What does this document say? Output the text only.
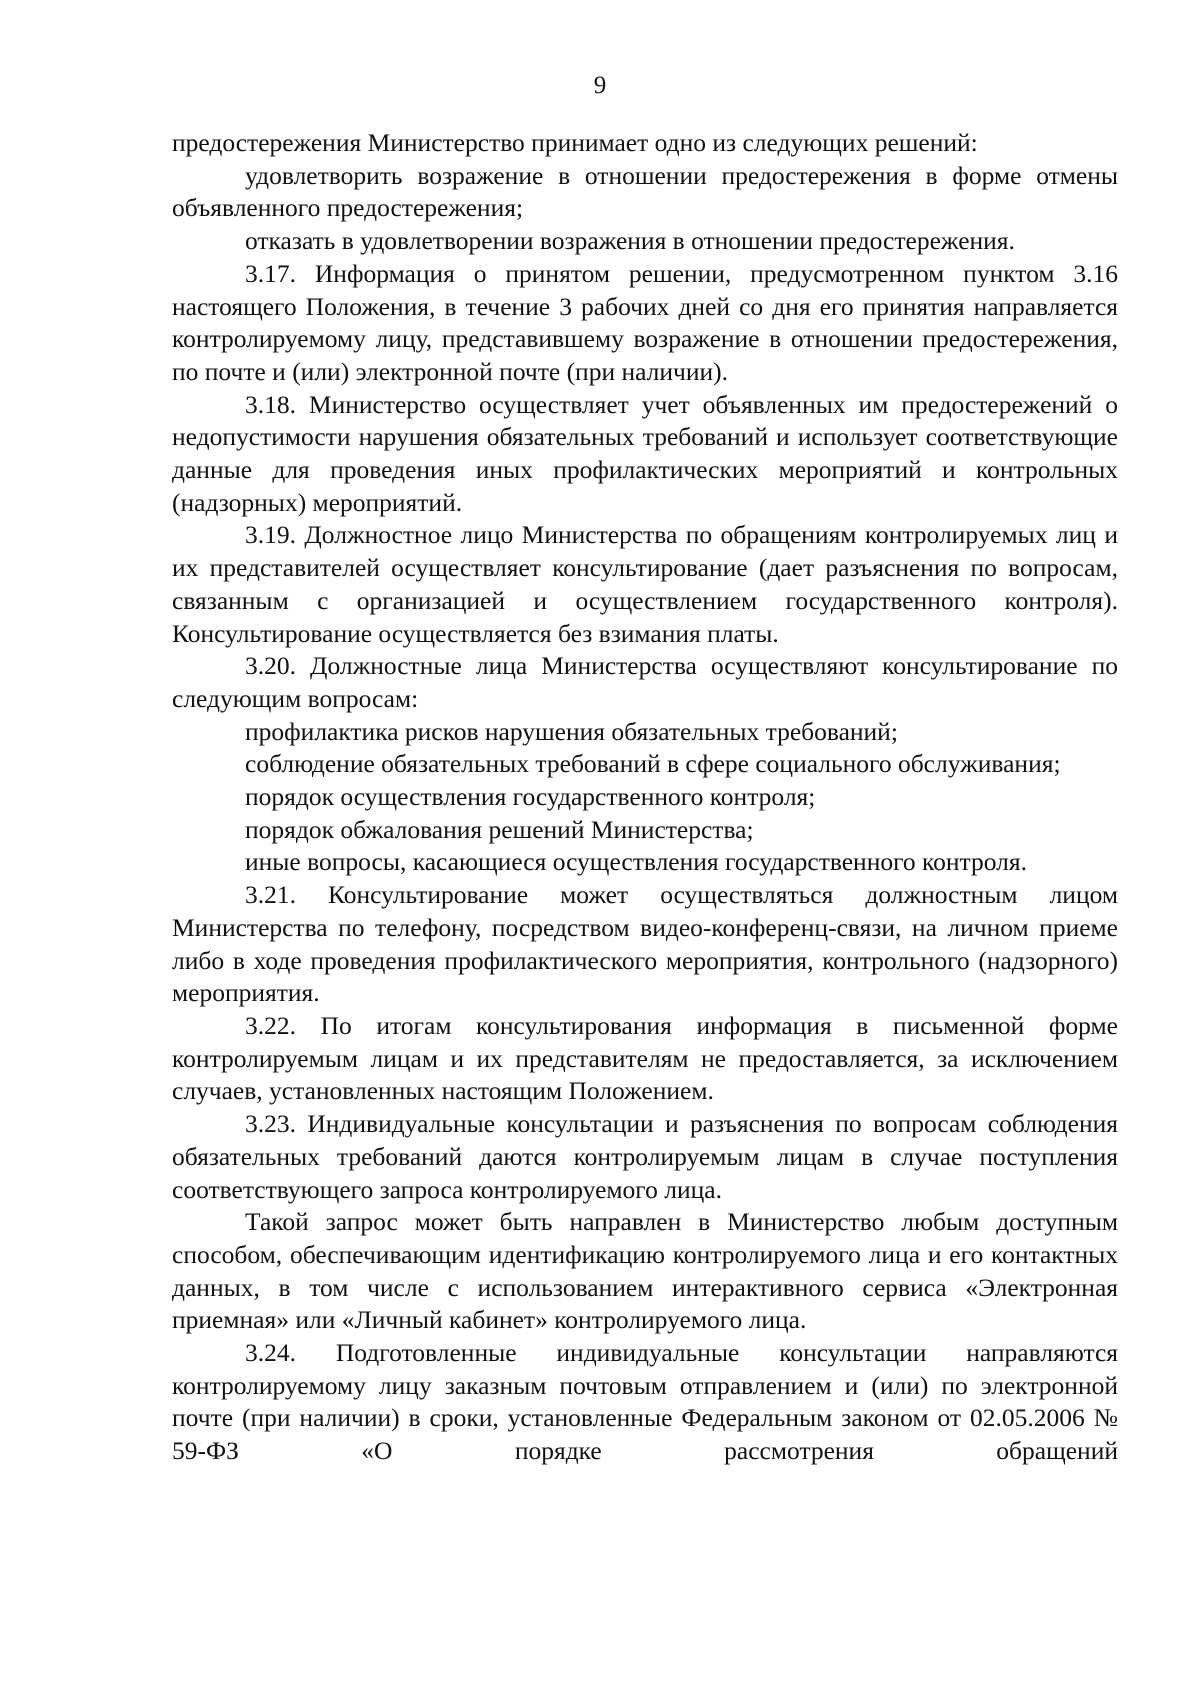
9

предостережения Министерство принимает одно из следующих решений:

удовлетворить возражение в отношении предостережения в форме отмены объявленного предостережения;

отказать в удовлетворении возражения в отношении предостережения.

3.17. Информация о принятом решении, предусмотренном пунктом 3.16 настоящего Положения, в течение 3 рабочих дней со дня его принятия направляется контролируемому лицу, представившему возражение в отношении предостережения, по почте и (или) электронной почте (при наличии).

3.18. Министерство осуществляет учет объявленных им предостережений о недопустимости нарушения обязательных требований и использует соответствующие данные для проведения иных профилактических мероприятий и контрольных (надзорных) мероприятий.

3.19. Должностное лицо Министерства по обращениям контролируемых лиц и их представителей осуществляет консультирование (дает разъяснения по вопросам, связанным с организацией и осуществлением государственного контроля). Консультирование осуществляется без взимания платы.

3.20. Должностные лица Министерства осуществляют консультирование по следующим вопросам:

профилактика рисков нарушения обязательных требований;

соблюдение обязательных требований в сфере социального обслуживания;

порядок осуществления государственного контроля;

порядок обжалования решений Министерства;

иные вопросы, касающиеся осуществления государственного контроля.

3.21. Консультирование может осуществляться должностным лицом Министерства по телефону, посредством видео-конференц-связи, на личном приеме либо в ходе проведения профилактического мероприятия, контрольного (надзорного) мероприятия.

3.22. По итогам консультирования информация в письменной форме контролируемым лицам и их представителям не предоставляется, за исключением случаев, установленных настоящим Положением.

3.23. Индивидуальные консультации и разъяснения по вопросам соблюдения обязательных требований даются контролируемым лицам в случае поступления соответствующего запроса контролируемого лица.

Такой запрос может быть направлен в Министерство любым доступным способом, обеспечивающим идентификацию контролируемого лица и его контактных данных, в том числе с использованием интерактивного сервиса «Электронная приемная» или «Личный кабинет» контролируемого лица.

3.24. Подготовленные индивидуальные консультации направляются контролируемому лицу заказным почтовым отправлением и (или) по электронной почте (при наличии) в сроки, установленные Федеральным законом от 02.05.2006 № 59-ФЗ «О порядке рассмотрения обращений
